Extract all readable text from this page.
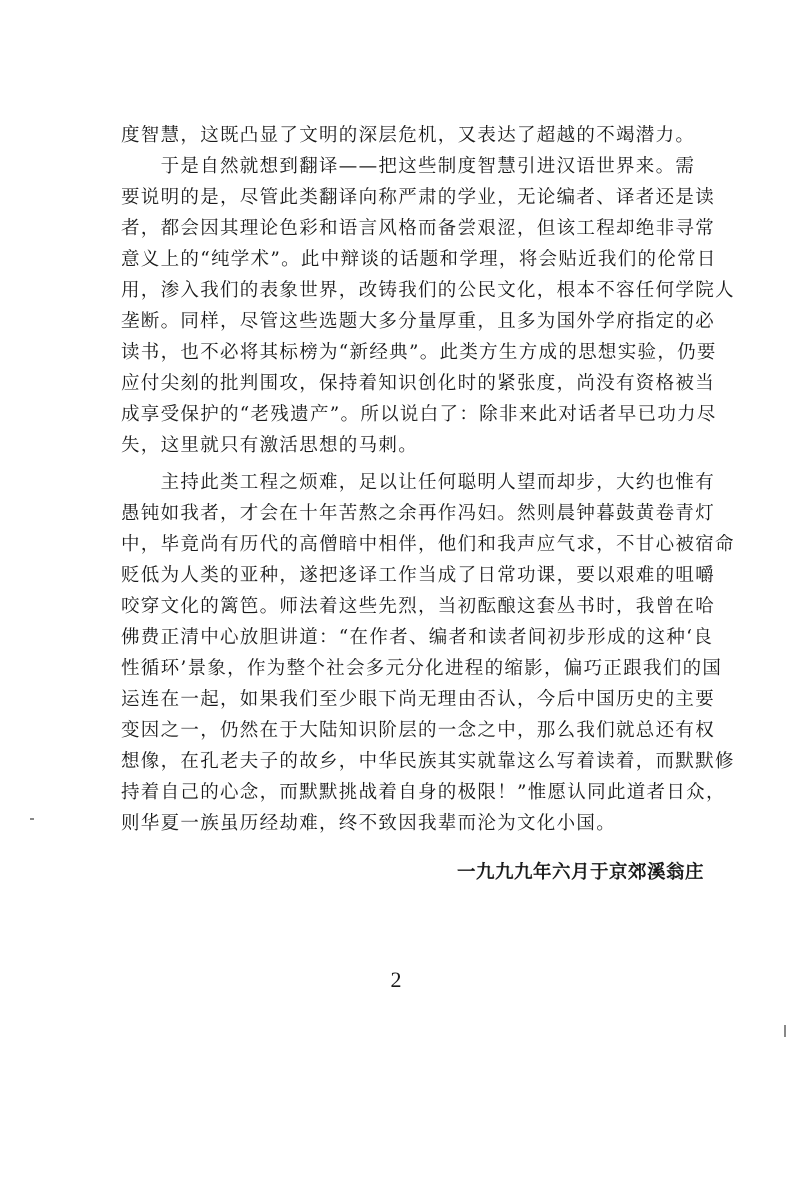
度智慧，这既凸显了文明的深层危机，又表达了超越的不竭潜力。
　　于是自然就想到翻译——把这些制度智慧引进汉语世界来。需
要说明的是，尽管此类翻译向称严肃的学业，无论编者、译者还是读
者，都会因其理论色彩和语言风格而备尝艰涩，但该工程却绝非寻常
意义上的“纯学术”。此中辩谈的话题和学理，将会贴近我们的伦常日
用，渗入我们的表象世界，改铸我们的公民文化，根本不容任何学院人
垄断。同样，尽管这些选题大多分量厚重，且多为国外学府指定的必
读书，也不必将其标榜为“新经典”。此类方生方成的思想实验，仍要
应付尖刻的批判围攻，保持着知识创化时的紧张度，尚没有资格被当
成享受保护的“老残遗产”。所以说白了：除非来此对话者早已功力尽
失，这里就只有激活思想的马刺。
　　主持此类工程之烦难，足以让任何聪明人望而却步，大约也惟有
愚钝如我者，才会在十年苦熬之余再作冯妇。然则晨钟暮鼓黄卷青灯
中，毕竟尚有历代的高僧暗中相伴，他们和我声应气求，不甘心被宿命
贬低为人类的亚种，遂把迻译工作当成了日常功课，要以艰难的咀嚼
咬穿文化的篱笆。师法着这些先烈，当初酝酿这套丛书时，我曾在哈
佛费正清中心放胆讲道：“在作者、编者和读者间初步形成的这种‘良
性循环’景象，作为整个社会多元分化进程的缩影，偏巧正跟我们的国
运连在一起，如果我们至少眼下尚无理由否认，今后中国历史的主要
变因之一，仍然在于大陆知识阶层的一念之中，那么我们就总还有权
想像，在孔老夫子的故乡，中华民族其实就靠这么写着读着，而默默修
持着自己的心念，而默默挑战着自身的极限！”惟愿认同此道者日众，
则华夏一族虽历经劫难，终不致因我辈而沦为文化小国。
一九九九年六月于京郊溪翁庄
2
